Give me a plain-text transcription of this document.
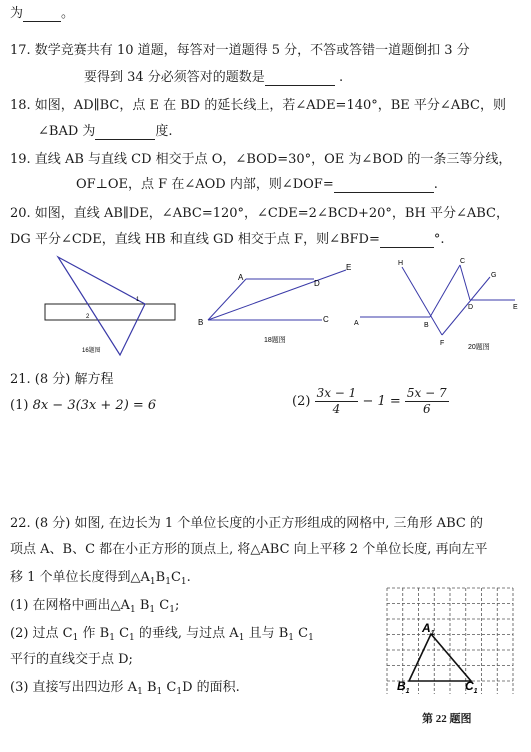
为	。
17. 数学竞赛共有 10 道题，每答对一道题得 5 分，不答或答错一道题倒扣 3 分
要得到 34 分必须答对的题数是	.
18. 如图，AD∥BC，点 E 在 BD 的延长线上，若∠ADE=140°，BE 平分∠ABC，则
∠BAD 为	度.
19. 直线 AB 与直线 CD 相交于点 O，∠BOD=30°，OE 为∠BOD 的一条三等分线，
OF⊥OE，点 F 在∠AOD 内部，则∠DOF=	.
20. 如图，直线 AB∥DE，∠ABC=120°，∠CDE=2∠BCD+20°，BH 平分∠ABC，
DG 平分∠CDE，直线 HB 和直线 GD 相交于点 F，则∠BFD=	°.
1
2
16题图
A
D
E
B	C
18题图
H	C
G
D	E
A	B
F
20题图
21. (8 分) 解方程
(1) 8x − 3(3x + 2) = 6	$(2) \frac{3x - 1}{4} - 1 = \frac{5x - 7}{6}$
22. (8 分) 如图, 在边长为 1 个单位长度的小正方形组成的网格中, 三角形 ABC 的
项点 A、B、C 都在小正方形的顶点上, 将△ABC 向上平移 2 个单位长度, 再向左平
移 1 个单位长度得到$\triangle A_1B_1C_1$.
(1) 在网格中画出$\triangle A_1$ $B_1$ $C_1$;
(2) 过点 $C_1$ 作 $B_1$ $C_1$ 的垂线, 与过点 $A_1$ 且与 $B_1$ $C_1$
平行的直线交于点 D;
(3) 直接写出四边形 $A_1$ $B_1$ $C_1D$ 的面积.
$A_1$
$B_1$	$C_1$
第 22 题图
